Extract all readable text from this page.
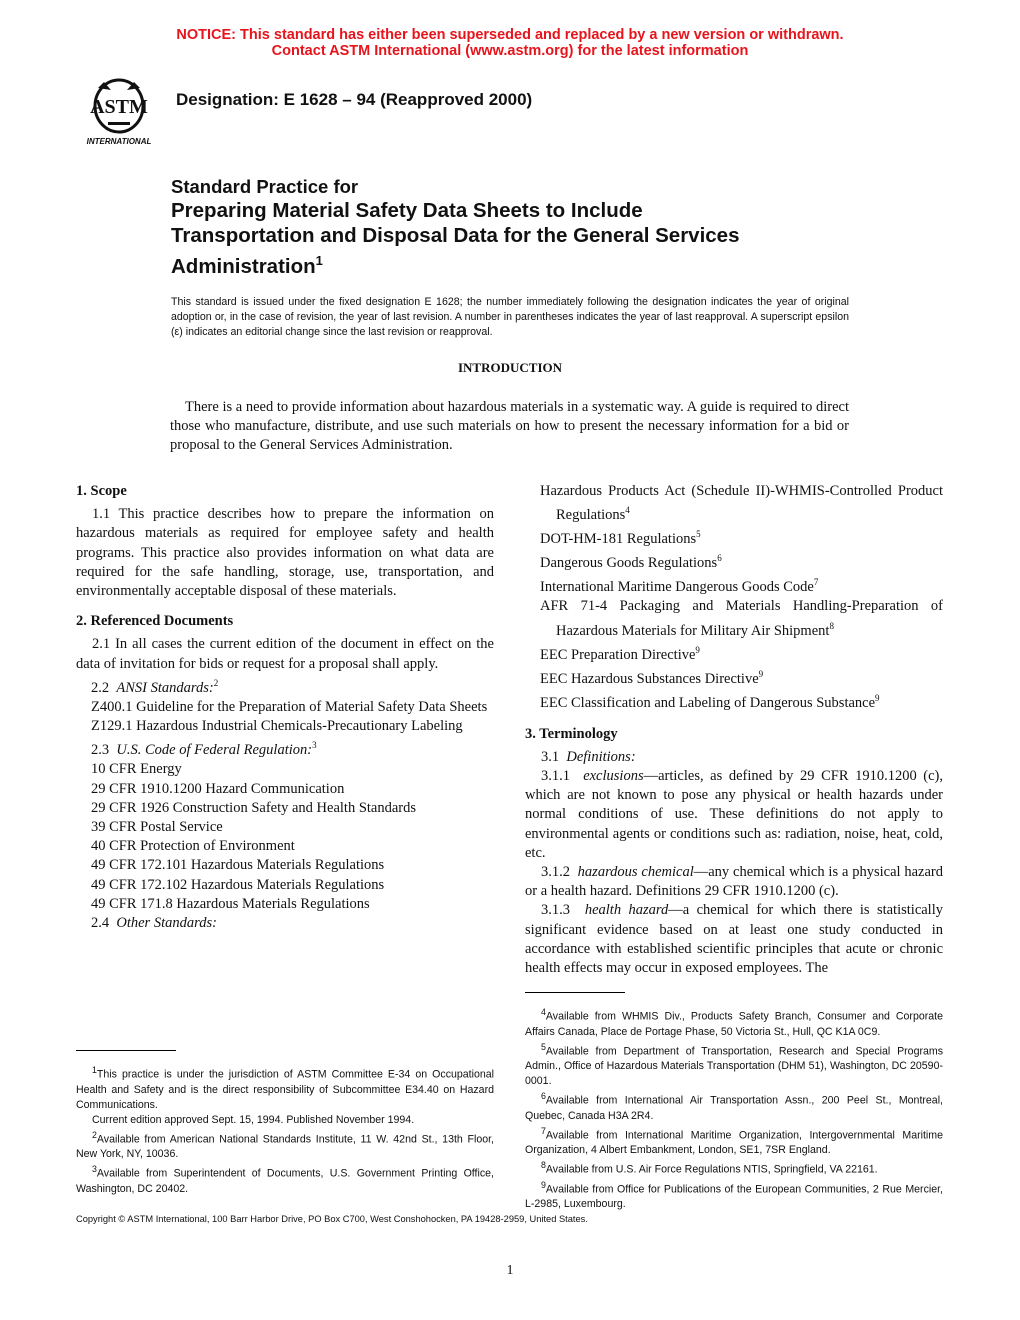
NOTICE: This standard has either been superseded and replaced by a new version or withdrawn.
Contact ASTM International (www.astm.org) for the latest information
ASTM
INTERNATIONAL
Designation: E 1628 – 94 (Reapproved 2000)
Standard Practice for
Preparing Material Safety Data Sheets to Include
Transportation and Disposal Data for the General Services
Administration$^1$
This standard is issued under the fixed designation E 1628; the number immediately following the designation indicates the year of original adoption or, in the case of revision, the year of last revision. A number in parentheses indicates the year of last reapproval. A superscript epsilon (ε) indicates an editorial change since the last revision or reapproval.
INTRODUCTION
There is a need to provide information about hazardous materials in a systematic way. A guide is required to direct those who manufacture, distribute, and use such materials on how to present the necessary information for a bid or proposal to the General Services Administration.

1. Scope

1.1 This practice describes how to prepare the information on hazardous materials as required for employee safety and health programs. This practice also provides information on what data are required for the safe handling, storage, use, transportation, and environmentally acceptable disposal of these materials.

2. Referenced Documents

2.1 In all cases the current edition of the document in effect on the data of invitation for bids or request for a proposal shall apply.

2.2 ANSI Standards:$^2$

Z400.1 Guideline for the Preparation of Material Safety Data Sheets

Z129.1 Hazardous Industrial Chemicals-Precautionary Labeling

2.3 U.S. Code of Federal Regulation:$^3$

10 CFR Energy

29 CFR 1910.1200 Hazard Communication

29 CFR 1926 Construction Safety and Health Standards

39 CFR Postal Service

40 CFR Protection of Environment

49 CFR 172.101 Hazardous Materials Regulations

49 CFR 172.102 Hazardous Materials Regulations

49 CFR 171.8 Hazardous Materials Regulations

2.4 Other Standards:

Hazardous Products Act (Schedule II)-WHMIS-Controlled Product Regulations$^4$

DOT-HM-181 Regulations$^5$

Dangerous Goods Regulations$^6$

International Maritime Dangerous Goods Code$^7$

AFR 71-4 Packaging and Materials Handling-Preparation of Hazardous Materials for Military Air Shipment$^8$

EEC Preparation Directive$^9$

EEC Hazardous Substances Directive$^9$

EEC Classification and Labeling of Dangerous Substance$^9$

3. Terminology

3.1 Definitions:

3.1.1 exclusions—articles, as defined by 29 CFR 1910.1200 (c), which are not known to pose any physical or health hazards under normal conditions of use. These definitions do not apply to environmental agents or conditions such as: radiation, noise, heat, cold, etc.

3.1.2 hazardous chemical—any chemical which is a physical hazard or a health hazard. Definitions 29 CFR 1910.1200 (c).

3.1.3 health hazard—a chemical for which there is statistically significant evidence based on at least one study conducted in accordance with established scientific principles that acute or chronic health effects may occur in exposed employees. The

$^1$This practice is under the jurisdiction of ASTM Committee E-34 on Occupational Health and Safety and is the direct responsibility of Subcommittee E34.40 on Hazard Communications.

Current edition approved Sept. 15, 1994. Published November 1994.

$^2$Available from American National Standards Institute, 11 W. 42nd St., 13th Floor, New York, NY, 10036.

$^3$Available from Superintendent of Documents, U.S. Government Printing Office, Washington, DC 20402.

$^4$Available from WHMIS Div., Products Safety Branch, Consumer and Corporate Affairs Canada, Place de Portage Phase, 50 Victoria St., Hull, QC K1A 0C9.

$^5$Available from Department of Transportation, Research and Special Programs Admin., Office of Hazardous Materials Transportation (DHM 51), Washington, DC 20590-0001.

$^6$Available from International Air Transportation Assn., 200 Peel St., Montreal, Quebec, Canada H3A 2R4.

$^7$Available from International Maritime Organization, Intergovernmental Maritime Organization, 4 Albert Embankment, London, SE1, 7SR England.

$^8$Available from U.S. Air Force Regulations NTIS, Springfield, VA 22161.

$^9$Available from Office for Publications of the European Communities, 2 Rue Mercier, L-2985, Luxembourg.

Copyright © ASTM International, 100 Barr Harbor Drive, PO Box C700, West Conshohocken, PA 19428-2959, United States.
1
